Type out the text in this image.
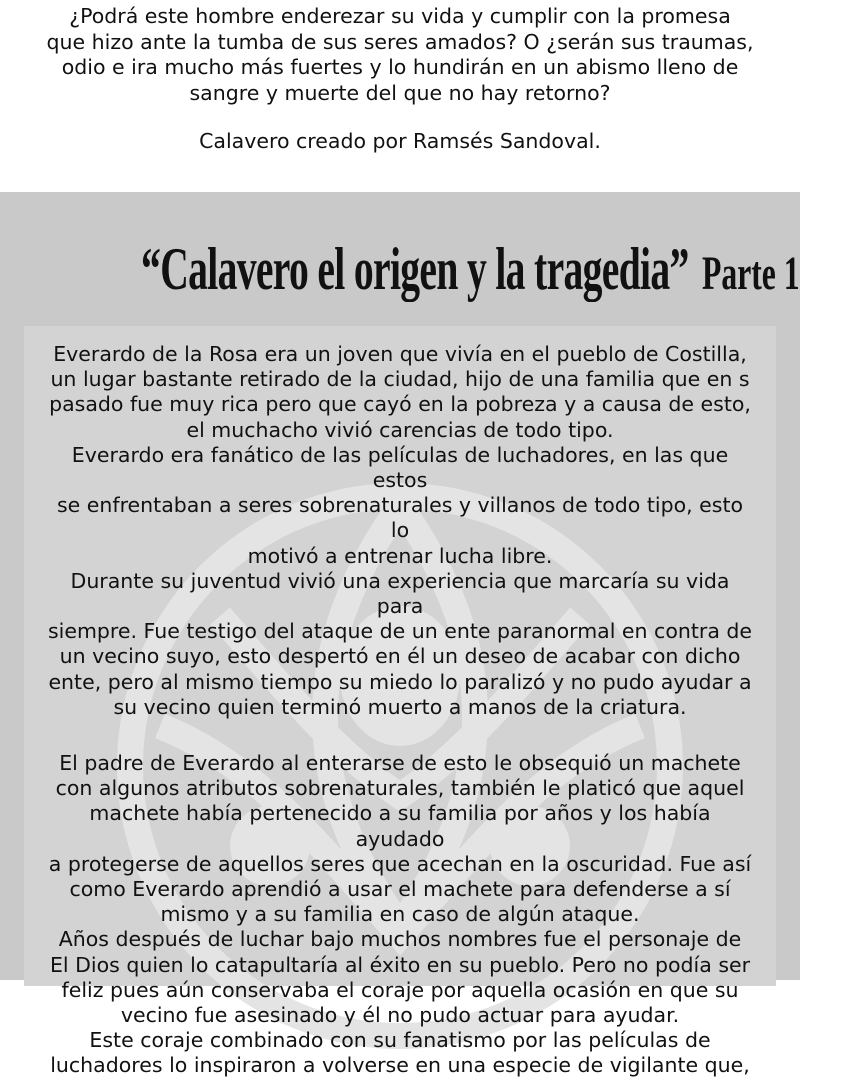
¿Podrá este hombre enderezar su vida y cumplir con la promesa
que hizo ante la tumba de sus seres amados? O ¿serán sus traumas,
odio e ira mucho más fuertes y lo hundirán en un abismo lleno de
sangre y muerte del que no hay retorno?
Calavero creado por Ramsés Sandoval.
“Calavero el origen y la tragedia” Parte 1

Everardo de la Rosa era un joven que vivía en el pueblo de Costilla,
un lugar bastante retirado de la ciudad, hijo de una familia que en s
pasado fue muy rica pero que cayó en la pobreza y a causa de esto,
el muchacho vivió carencias de todo tipo.
Everardo era fanático de las películas de luchadores, en las que estos
se enfrentaban a seres sobrenaturales y villanos de todo tipo, esto lo
motivó a entrenar lucha libre.
Durante su juventud vivió una experiencia que marcaría su vida para
siempre. Fue testigo del ataque de un ente paranormal en contra de
un vecino suyo, esto despertó en él un deseo de acabar con dicho
ente, pero al mismo tiempo su miedo lo paralizó y no pudo ayudar a
su vecino quien terminó muerto a manos de la criatura.

El padre de Everardo al enterarse de esto le obsequió un machete
con algunos atributos sobrenaturales, también le platicó que aquel
machete había pertenecido a su familia por años y los había ayudado
a protegerse de aquellos seres que acechan en la oscuridad. Fue así
como Everardo aprendió a usar el machete para defenderse a sí
mismo y a su familia en caso de algún ataque.
Años después de luchar bajo muchos nombres fue el personaje de
El Dios quien lo catapultaría al éxito en su pueblo. Pero no podía ser
feliz pues aún conservaba el coraje por aquella ocasión en que su
vecino fue asesinado y él no pudo actuar para ayudar.
Este coraje combinado con su fanatismo por las películas de
luchadores lo inspiraron a volverse en una especie de vigilante que,
